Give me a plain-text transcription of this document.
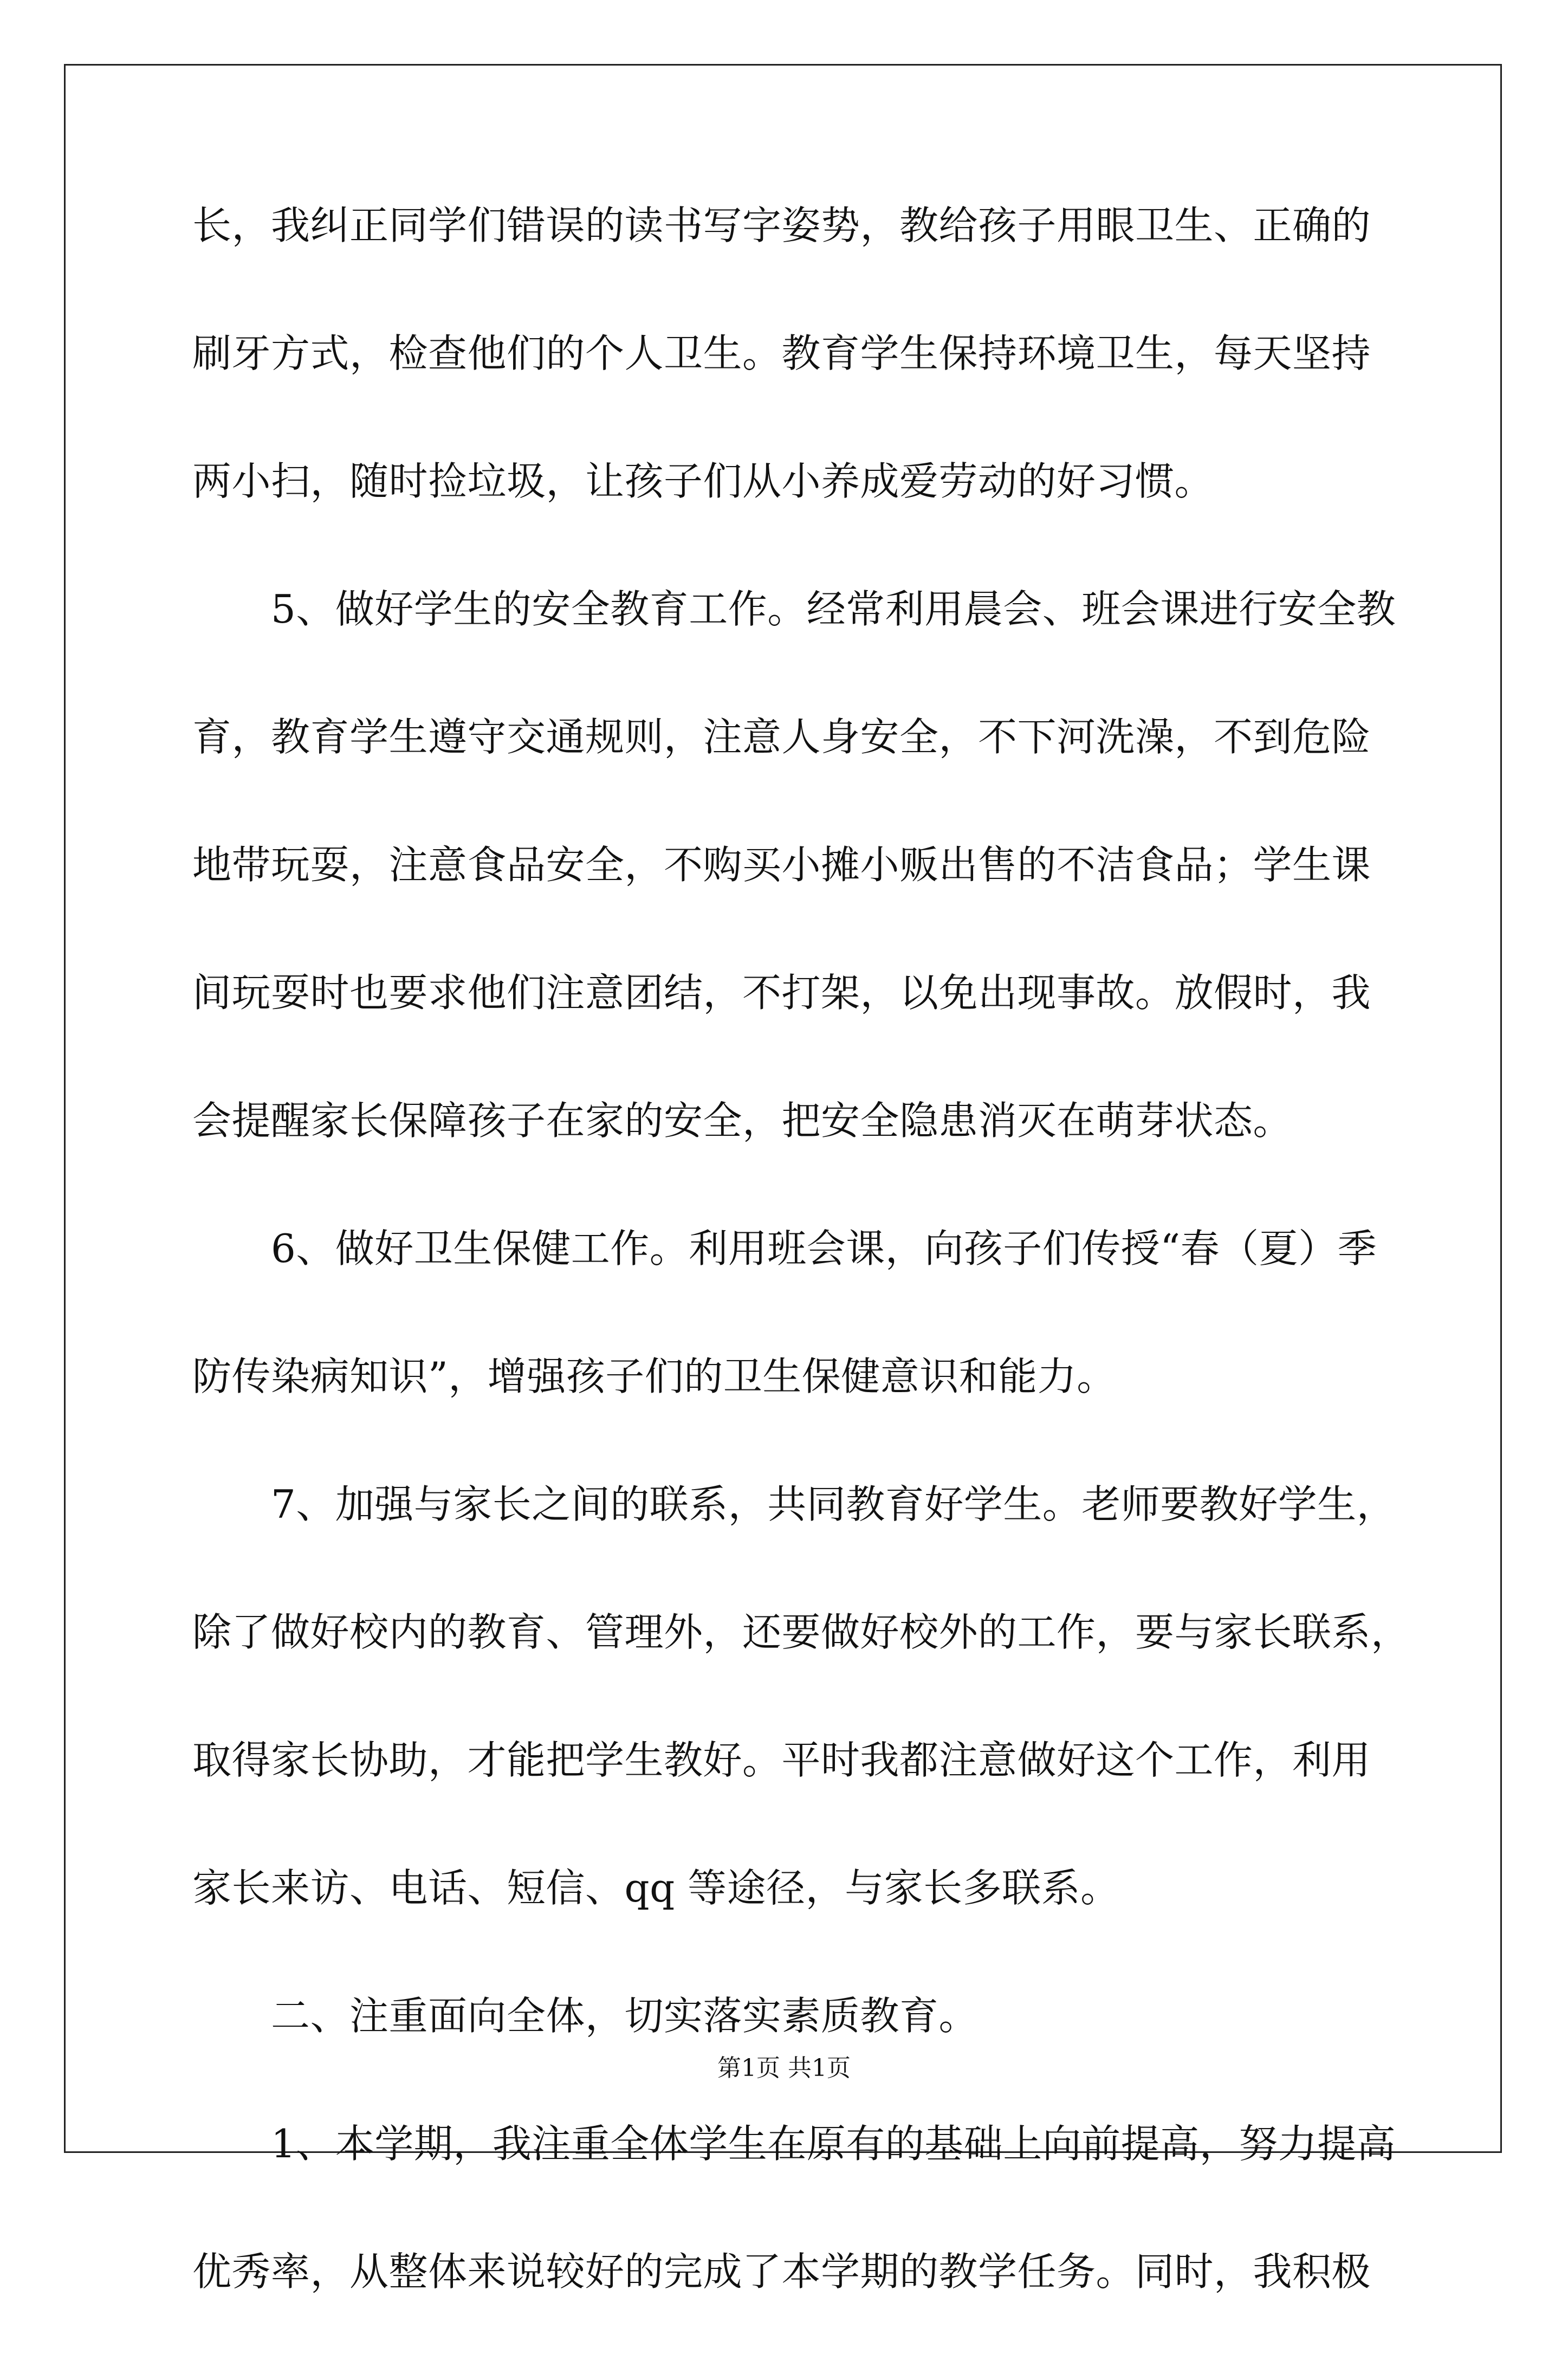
长，我纠正同学们错误的读书写字姿势，教给孩子用眼卫生、正确的
刷牙方式，检查他们的个人卫生。教育学生保持环境卫生，每天坚持
两小扫，随时捡垃圾，让孩子们从小养成爱劳动的好习惯。
5、做好学生的安全教育工作。经常利用晨会、班会课进行安全教
育，教育学生遵守交通规则，注意人身安全，不下河洗澡，不到危险
地带玩耍，注意食品安全，不购买小摊小贩出售的不洁食品；学生课
间玩耍时也要求他们注意团结，不打架，以免出现事故。放假时，我
会提醒家长保障孩子在家的安全，把安全隐患消灭在萌芽状态。
6、做好卫生保健工作。利用班会课，向孩子们传授“春（夏）季
防传染病知识”，增强孩子们的卫生保健意识和能力。
7、加强与家长之间的联系，共同教育好学生。老师要教好学生，
除了做好校内的教育、管理外，还要做好校外的工作，要与家长联系，
取得家长协助，才能把学生教好。平时我都注意做好这个工作，利用
家长来访、电话、短信、qq 等途径，与家长多联系。
二、注重面向全体，切实落实素质教育。
1、本学期，我注重全体学生在原有的基础上向前提高，努力提高
优秀率，从整体来说较好的完成了本学期的教学任务。同时，我积极
第1页 共1页
